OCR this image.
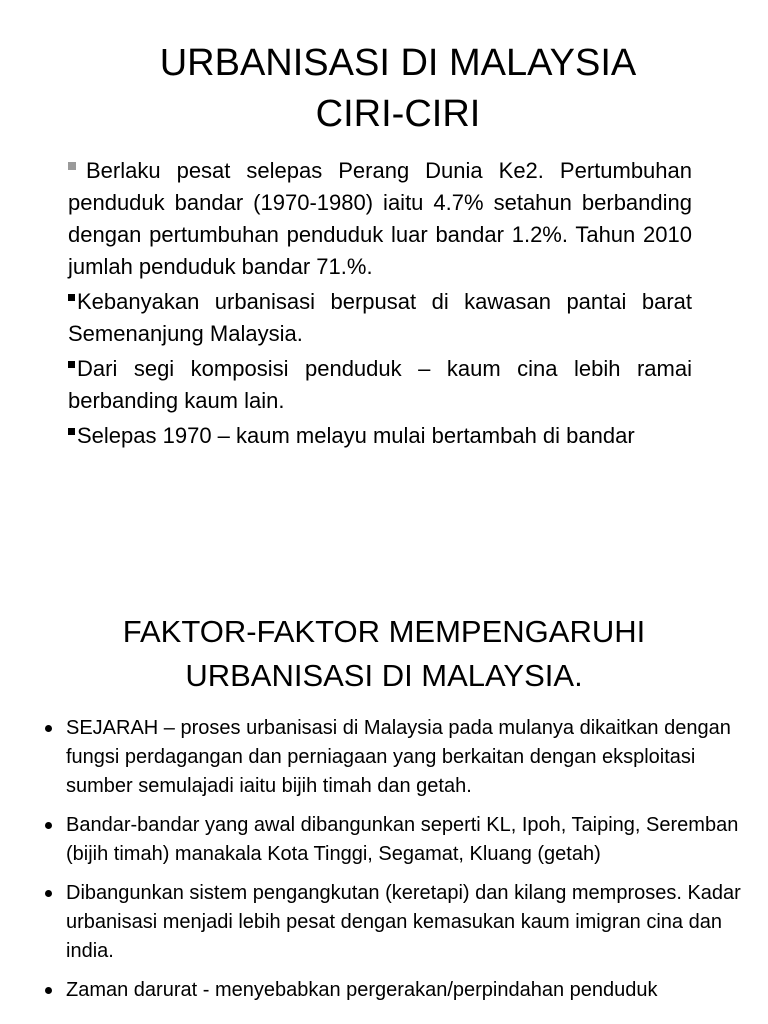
URBANISASI DI MALAYSIA
CIRI-CIRI
Berlaku pesat selepas Perang Dunia Ke2. Pertumbuhan penduduk bandar (1970-1980) iaitu 4.7% setahun berbanding dengan pertumbuhan penduduk luar bandar 1.2%. Tahun 2010 jumlah penduduk bandar 71.%.
Kebanyakan urbanisasi berpusat di kawasan pantai barat Semenanjung Malaysia.
Dari segi komposisi penduduk – kaum cina lebih ramai berbanding kaum lain.
Selepas 1970 – kaum melayu mulai bertambah di bandar
FAKTOR-FAKTOR MEMPENGARUHI
URBANISASI DI MALAYSIA.
SEJARAH – proses urbanisasi di Malaysia pada mulanya dikaitkan dengan fungsi perdagangan dan perniagaan yang berkaitan dengan eksploitasi sumber semulajadi iaitu bijih timah dan getah.
Bandar-bandar yang awal dibangunkan seperti KL, Ipoh, Taiping, Seremban (bijih timah) manakala Kota Tinggi, Segamat, Kluang (getah)
Dibangunkan sistem pengangkutan (keretapi) dan kilang memproses. Kadar urbanisasi menjadi lebih pesat dengan kemasukan kaum imigran cina dan india.
Zaman darurat - menyebabkan pergerakan/perpindahan penduduk
